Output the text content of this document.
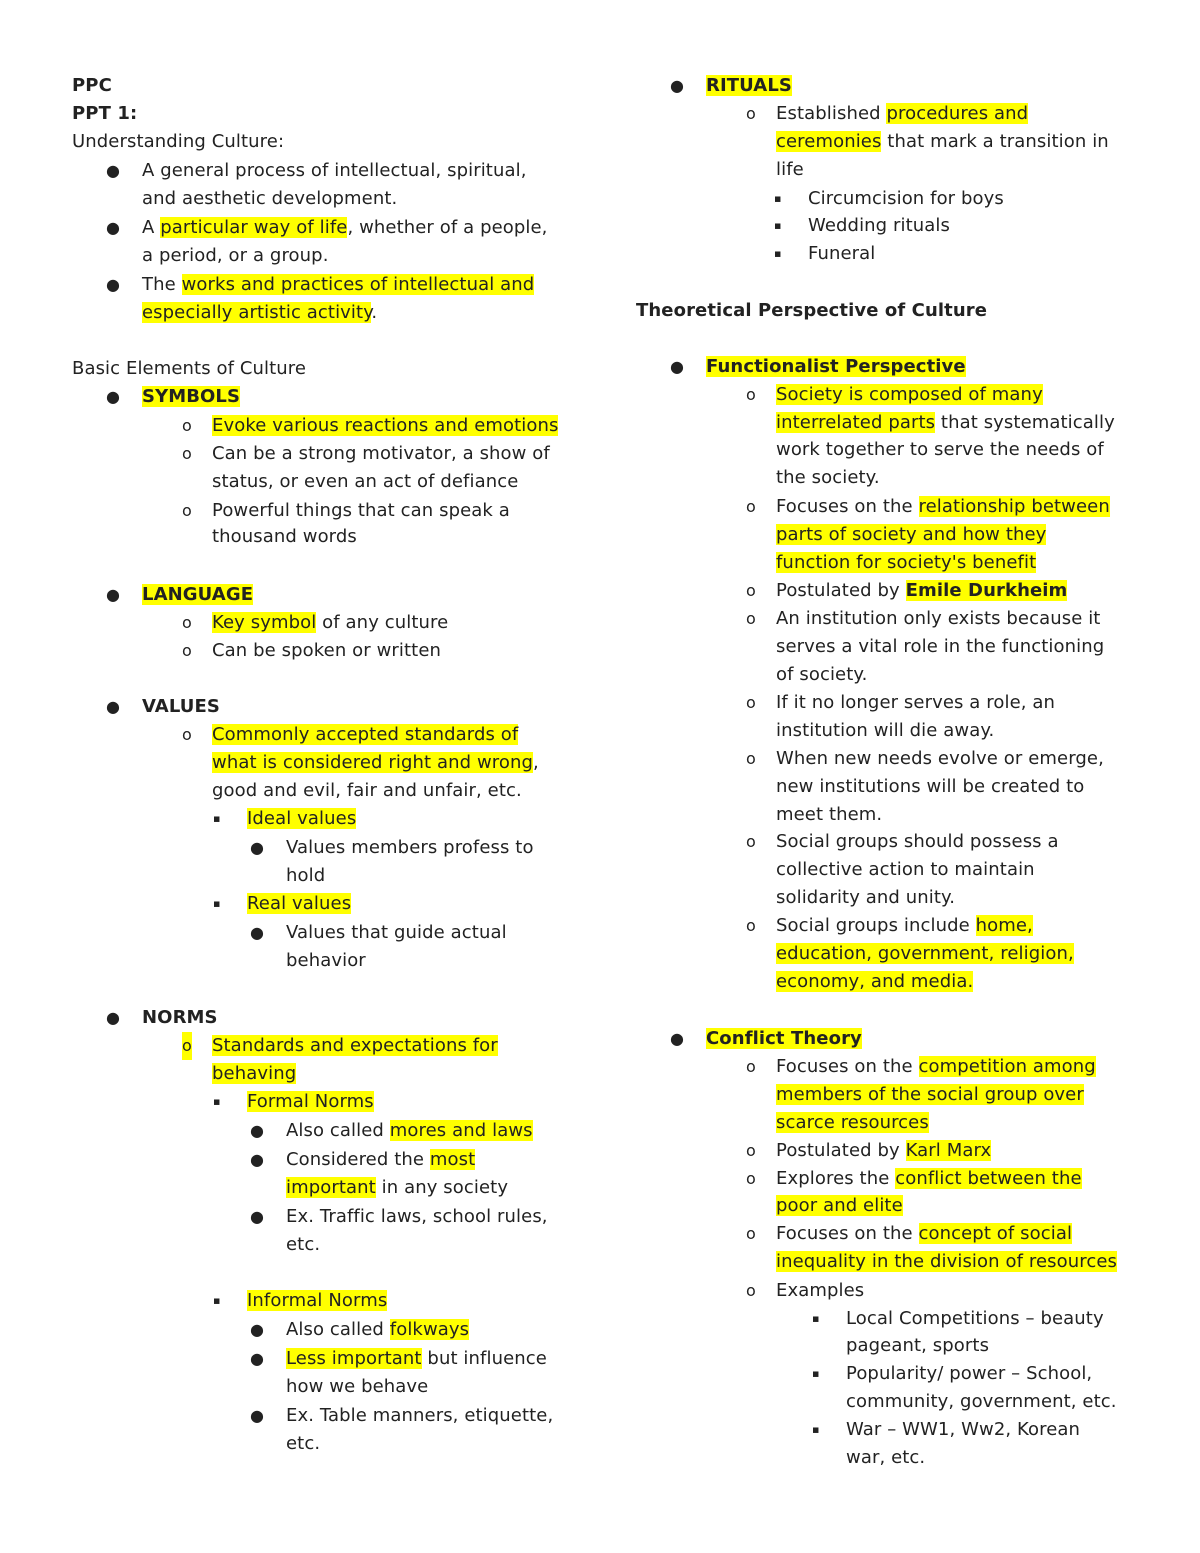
PPC
PPT 1:
Understanding Culture:
● A general process of intellectual, spiritual,
and aesthetic development.
● A particular way of life, whether of a people,
a period, or a group.
● The works and practices of intellectual and
especially artistic activity.
Basic Elements of Culture
● SYMBOLS
o Evoke various reactions and emotions
o Can be a strong motivator, a show of
status, or even an act of defiance
o Powerful things that can speak a
thousand words
● LANGUAGE
o Key symbol of any culture
o Can be spoken or written
● VALUES
o Commonly accepted standards of
what is considered right and wrong,
good and evil, fair and unfair, etc.
▪ Ideal values
● Values members profess to
hold
▪ Real values
● Values that guide actual
behavior
● NORMS
o Standards and expectations for
behaving
▪ Formal Norms
● Also called mores and laws
● Considered the most
important in any society
● Ex. Traffic laws, school rules,
etc.
▪ Informal Norms
● Also called folkways
● Less important but influence
how we behave
● Ex. Table manners, etiquette,
etc.
● RITUALS
o Established procedures and
ceremonies that mark a transition in
life
▪ Circumcision for boys
▪ Wedding rituals
▪ Funeral
Theoretical Perspective of Culture
● Functionalist Perspective
o Society is composed of many
interrelated parts that systematically
work together to serve the needs of
the society.
o Focuses on the relationship between
parts of society and how they
function for society's benefit
o Postulated by Emile Durkheim
o An institution only exists because it
serves a vital role in the functioning
of society.
o If it no longer serves a role, an
institution will die away.
o When new needs evolve or emerge,
new institutions will be created to
meet them.
o Social groups should possess a
collective action to maintain
solidarity and unity.
o Social groups include home,
education, government, religion,
economy, and media.
● Conflict Theory
o Focuses on the competition among
members of the social group over
scarce resources
o Postulated by Karl Marx
o Explores the conflict between the
poor and elite
o Focuses on the concept of social
inequality in the division of resources
o Examples
▪ Local Competitions – beauty
pageant, sports
▪ Popularity/ power – School,
community, government, etc.
▪ War – WW1, Ww2, Korean
war, etc.
